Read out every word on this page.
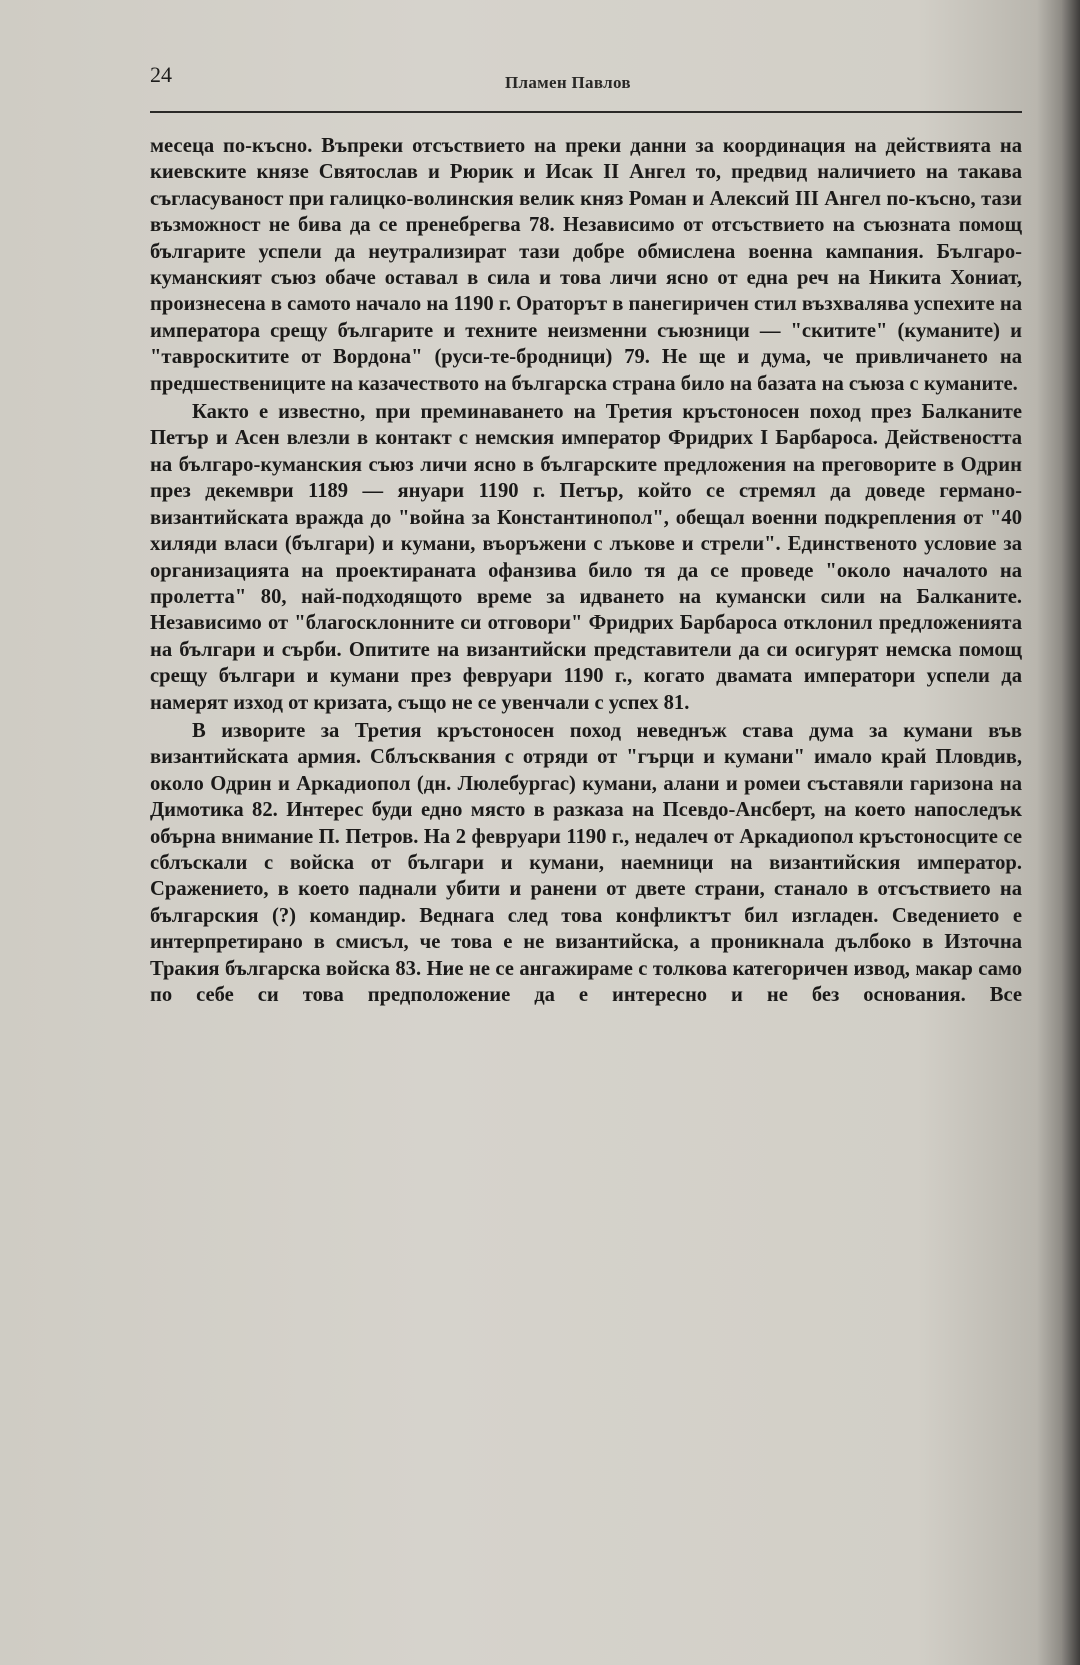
24	Пламен Павлов

месеца по-късно. Въпреки отсъствието на преки данни за координация на действията на киевските князе Святослав и Рюрик и Исак II Ангел то, предвид наличието на такава съгласуваност при галицко-волинския велик княз Роман и Алексий III Ангел по-късно, тази възможност не бива да се пренебрегва 78. Независимо от отсъствието на съюзната помощ българите успели да неутрализират тази добре обмислена военна кампания. Българо-куманският съюз обаче оставал в сила и това личи ясно от една реч на Никита Хониат, произнесена в самото начало на 1190 г. Ораторът в панегиричен стил възхвалява успехите на императора срещу българите и техните неизменни съюзници — "скитите" (куманите) и "тавроскитите от Вордона" (руси-те-бродници) 79. Не ще и дума, че привличането на предшествениците на казачеството на българска страна било на базата на съюза с куманите.

Както е известно, при преминаването на Третия кръстоносен поход през Балканите Петър и Асен влезли в контакт с немския император Фридрих I Барбароса. Действеността на българо-куманския съюз личи ясно в българските предложения на преговорите в Одрин през декември 1189 — януари 1190 г. Петър, който се стремял да доведе германо-византийската вражда до "война за Константинопол", обещал военни подкрепления от "40 хиляди власи (българи) и кумани, въоръжени с лъкове и стрели". Единственото условие за организацията на проектираната офанзива било тя да се проведе "около началото на пролетта" 80, най-подходящото време за идването на кумански сили на Балканите. Независимо от "благосклонните си отговори" Фридрих Барбароса отклонил предложенията на българи и сърби. Опитите на византийски представители да си осигурят немска помощ срещу българи и кумани през февруари 1190 г., когато двамата императори успели да намерят изход от кризата, също не се увенчали с успех 81.

В изворите за Третия кръстоносен поход неведнъж става дума за кумани във византийската армия. Сблъсквания с отряди от "гърци и кумани" имало край Пловдив, около Одрин и Аркадиопол (дн. Люлебургас) кумани, алани и ромеи съставяли гаризона на Димотика 82. Интерес буди едно място в разказа на Псевдо-Ансберт, на което напоследък обърна внимание П. Петров. На 2 февруари 1190 г., недалеч от Аркадиопол кръстоносците се сблъскали с войска от българи и кумани, наемници на византийския император. Сражението, в което паднали убити и ранени от двете страни, станало в отсъствието на българския (?) командир. Веднага след това конфликтът бил изгладен. Сведението е интерпретирано в смисъл, че това е не византийска, а проникнала дълбоко в Източна Тракия българска войска 83. Ние не се ангажираме с толкова категоричен извод, макар само по себе си това предположение да е интересно и не без основания. Все
